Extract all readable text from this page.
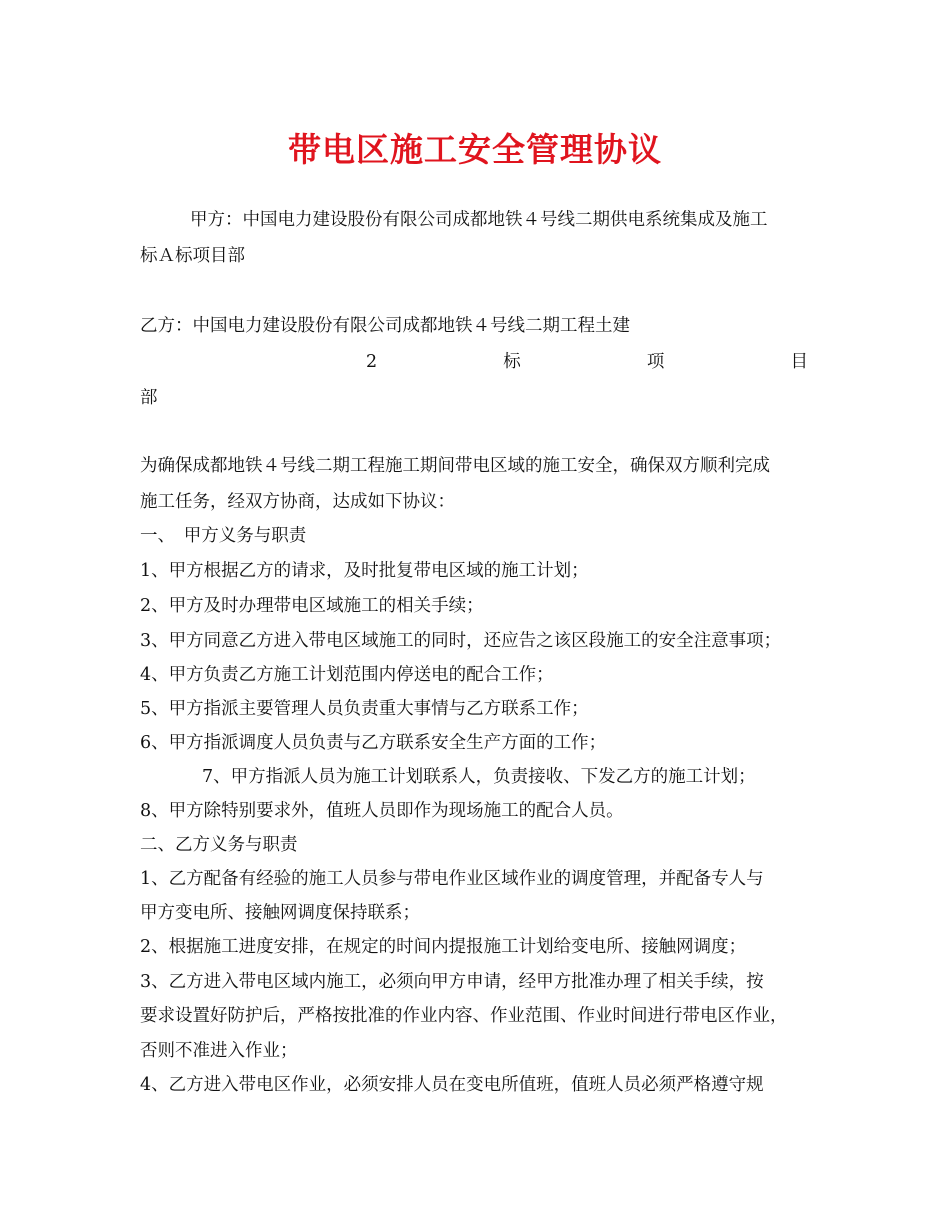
带电区施工安全管理协议
甲方：中国电力建设股份有限公司成都地铁４号线二期供电系统集成及施工
标Ａ标项目部
乙方：中国电力建设股份有限公司成都地铁４号线二期工程土建
2	标	项	目
部
为确保成都地铁４号线二期工程施工期间带电区域的施工安全，确保双方顺利完成
施工任务，经双方协商，达成如下协议：
一、　甲方义务与职责
1、甲方根据乙方的请求，及时批复带电区域的施工计划；
2、甲方及时办理带电区域施工的相关手续；
3、甲方同意乙方进入带电区域施工的同时，还应告之该区段施工的安全注意事项；
4、甲方负责乙方施工计划范围内停送电的配合工作；
5、甲方指派主要管理人员负责重大事情与乙方联系工作；
6、甲方指派调度人员负责与乙方联系安全生产方面的工作；
7、甲方指派人员为施工计划联系人，负责接收、下发乙方的施工计划；
8、甲方除特别要求外，值班人员即作为现场施工的配合人员。
二、乙方义务与职责
1、乙方配备有经验的施工人员参与带电作业区域作业的调度管理，并配备专人与
甲方变电所、接触网调度保持联系；
2、根据施工进度安排，在规定的时间内提报施工计划给变电所、接触网调度；
3、乙方进入带电区域内施工，必须向甲方申请，经甲方批准办理了相关手续，按
要求设置好防护后，严格按批准的作业内容、作业范围、作业时间进行带电区作业，
否则不准进入作业；
4、乙方进入带电区作业，必须安排人员在变电所值班，值班人员必须严格遵守规
